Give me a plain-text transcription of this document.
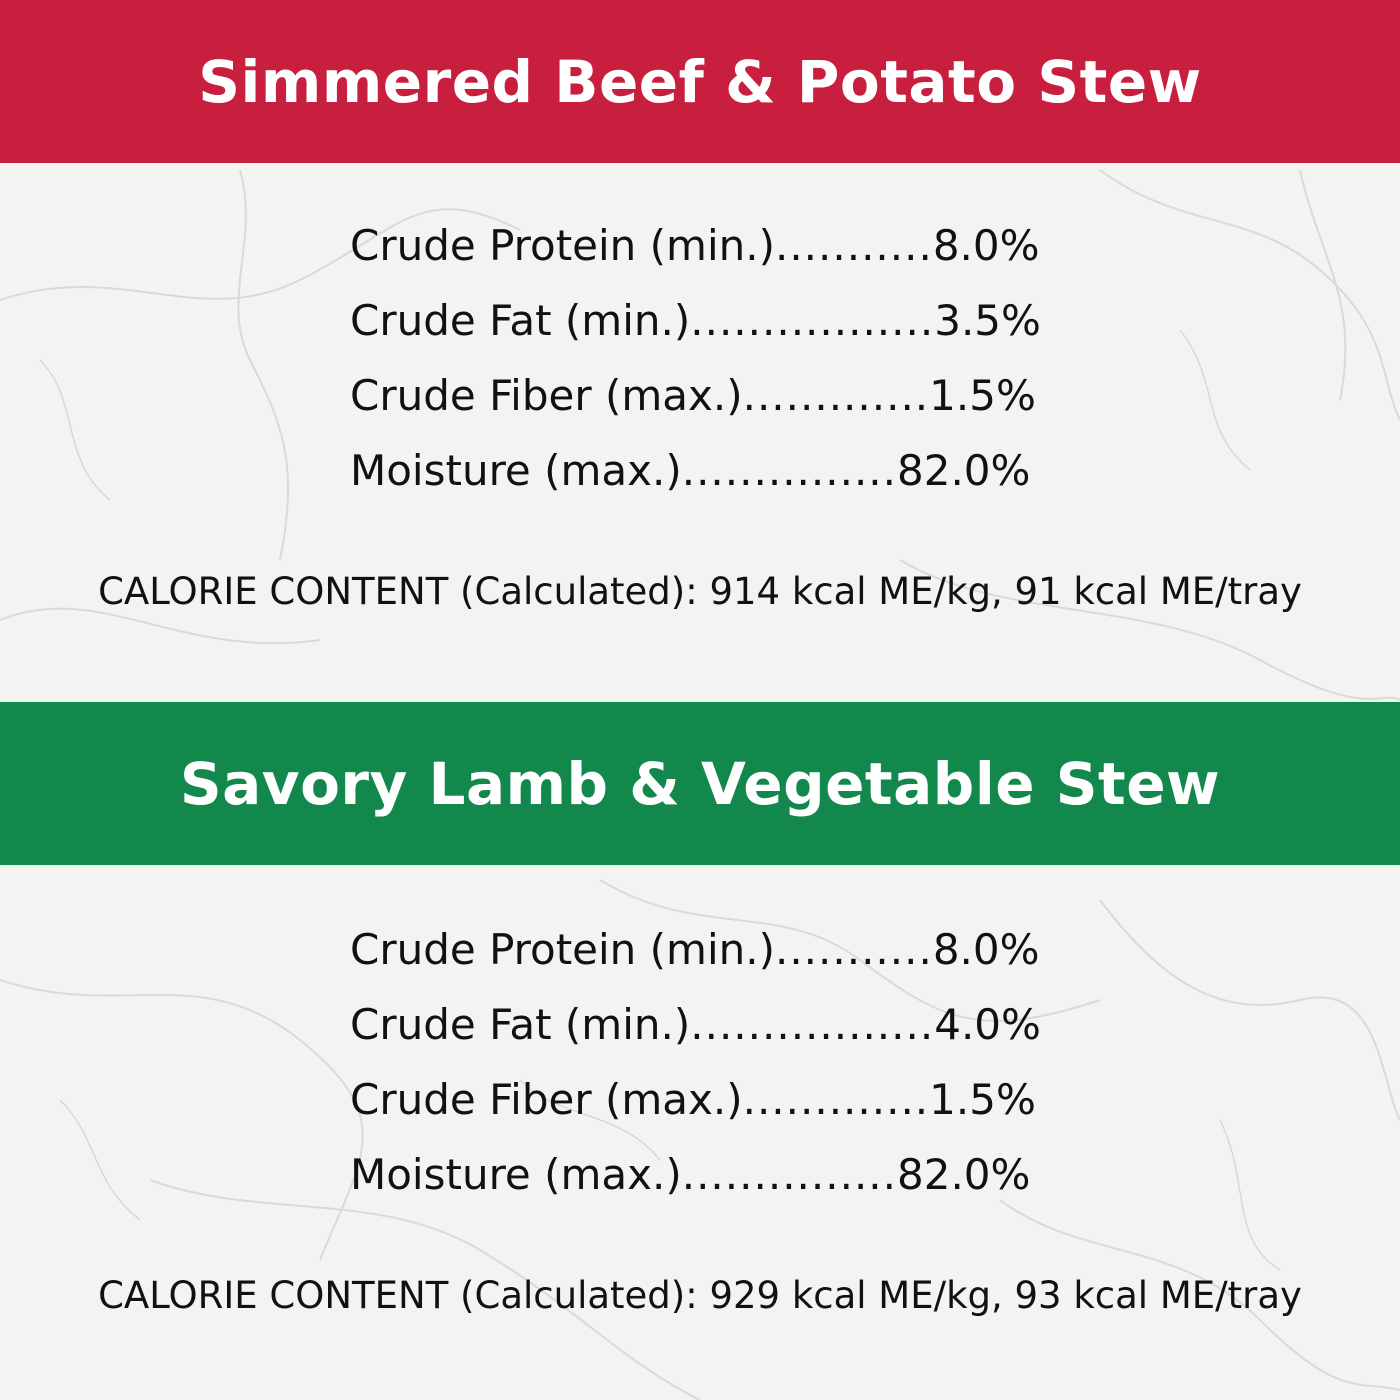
Simmered Beef & Potato Stew
Crude Protein (min.) ........... 8.0%
Crude Fat (min.) ................. 3.5%
Crude Fiber (max.) ............. 1.5%
Moisture (max.) ............... 82.0%

CALORIE CONTENT (Calculated): 914 kcal ME/kg, 91 kcal ME/tray

Savory Lamb & Vegetable Stew
Crude Protein (min.) ........... 8.0%
Crude Fat (min.) ................. 4.0%
Crude Fiber (max.) ............. 1.5%
Moisture (max.) ............... 82.0%

CALORIE CONTENT (Calculated): 929 kcal ME/kg, 93 kcal ME/tray
